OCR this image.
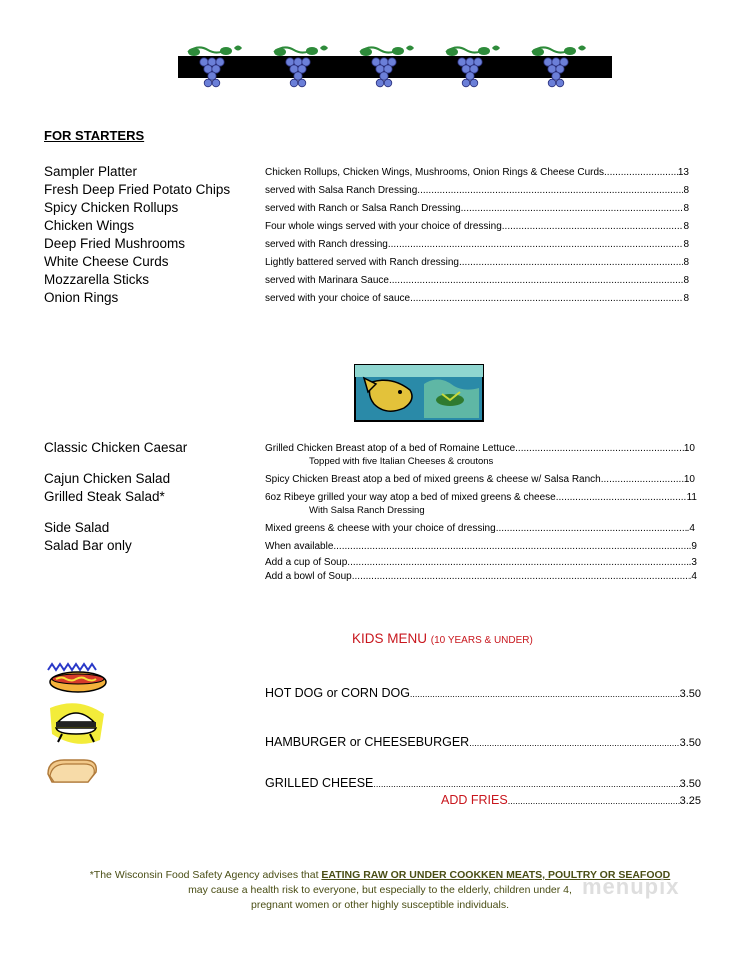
FOR STARTERS
Sampler Platter	Chicken Rollups, Chicken Wings, Mushrooms, Onion Rings & Cheese Curds .....	13
Fresh Deep Fried Potato Chips	served with Salsa Ranch Dressing .....	8
Spicy Chicken Rollups	served with Ranch or Salsa Ranch Dressing .....	8
Chicken Wings	Four whole wings served with your choice of dressing .....	8
Deep Fried Mushrooms	served with Ranch dressing .....	8
White Cheese Curds	Lightly battered served with Ranch dressing .....	8
Mozzarella Sticks	served with Marinara Sauce .....	8
Onion Rings	served with your choice of sauce .....	8
Classic Chicken Caesar	Grilled Chicken Breast atop of a bed of Romaine Lettuce .....	10
Topped with five Italian Cheeses & croutons
Cajun Chicken Salad	Spicy Chicken Breast atop a bed of mixed greens & cheese w/ Salsa Ranch .....	10
Grilled Steak Salad*	6oz Ribeye grilled your way atop a bed of mixed greens & cheese .....	11
With Salsa Ranch Dressing
Side Salad	Mixed greens & cheese with your choice of dressing .....	.4
Salad Bar only	When available .....	.9
Add a cup of Soup .....	.3
Add a bowl of Soup .....	.4
KIDS MENU (10 YEARS & UNDER)
HOT DOG or CORN DOG .....	3.50
HAMBURGER or CHEESEBURGER .....	3.50
GRILLED CHEESE .....	3.50
ADD FRIES .....	3.25
*The Wisconsin Food Safety Agency advises that EATING RAW OR UNDER COOKKEN MEATS, POULTRY OR SEAFOOD
may cause a health risk to everyone, but especially to the elderly, children under 4,
pregnant women or other highly susceptible individuals.
menupix
